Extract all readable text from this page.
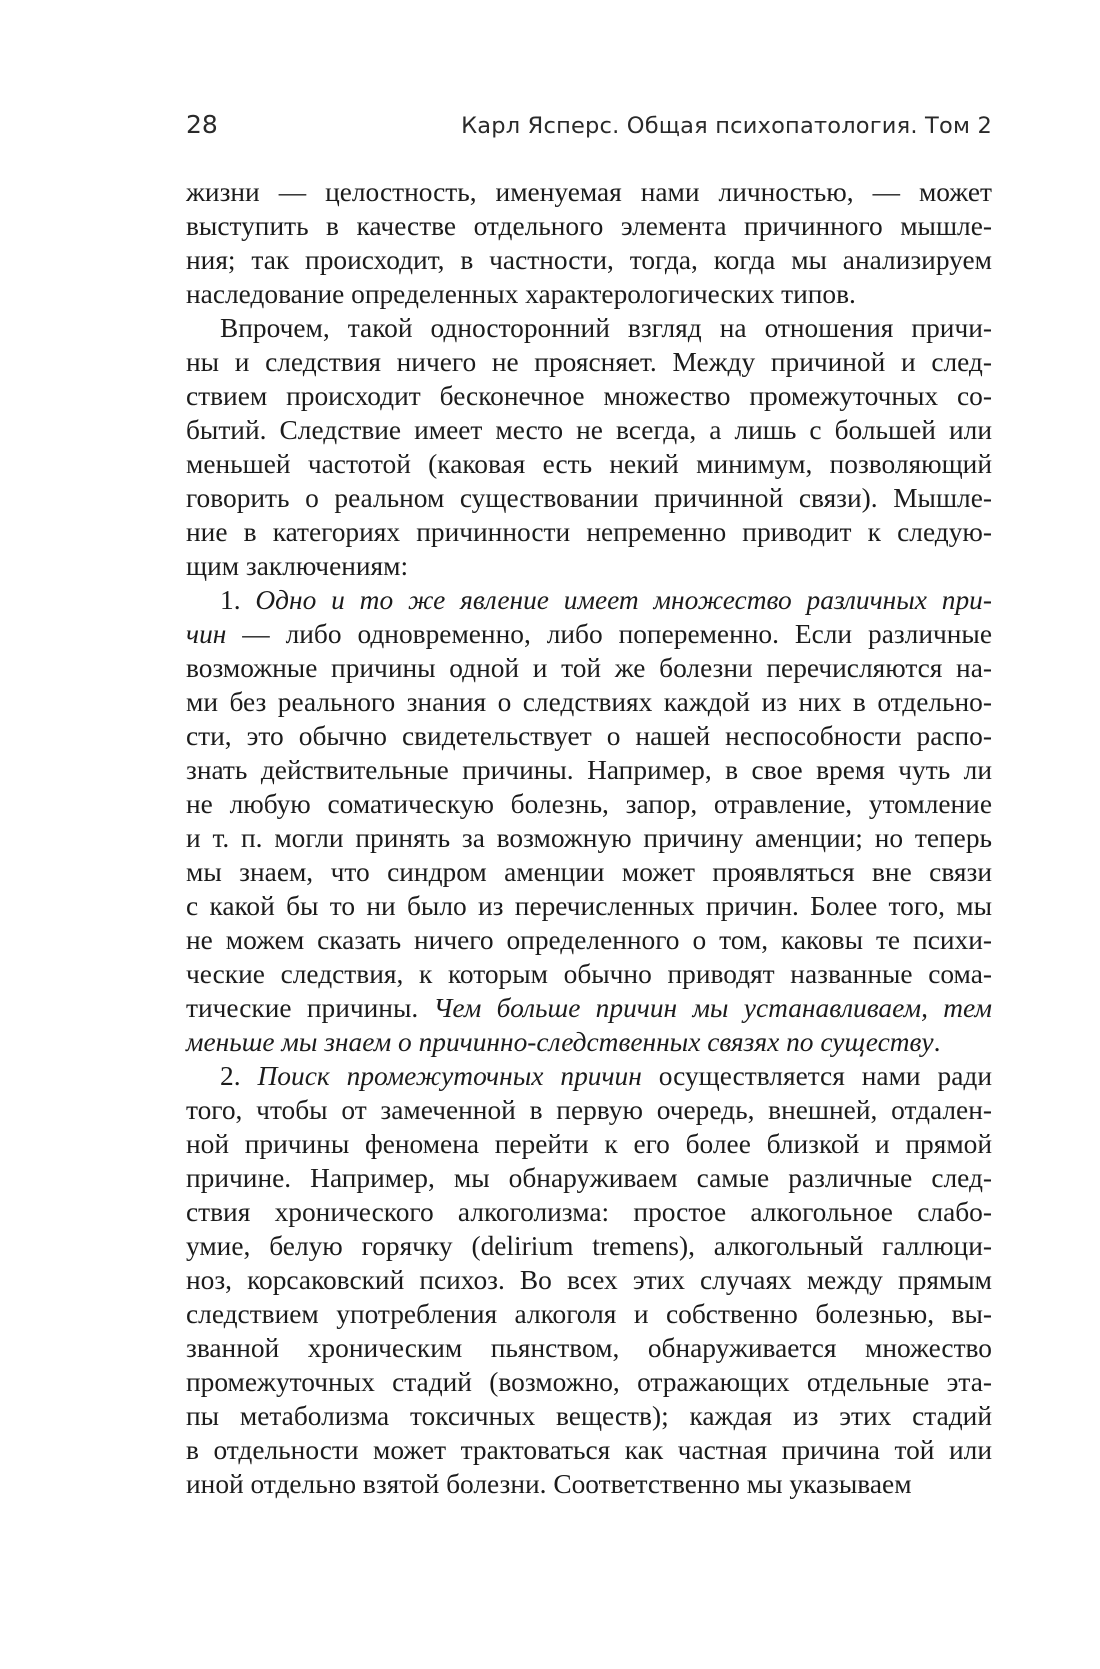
28	Карл Ясперс. Общая психопатология. Том 2
жизни — целостность, именуемая нами личностью, — может
выступить в качестве отдельного элемента причинного мышле-
ния; так происходит, в частности, тогда, когда мы анализируем
наследование определенных характерологических типов.
Впрочем, такой односторонний взгляд на отношения причи-
ны и следствия ничего не проясняет. Между причиной и след-
ствием происходит бесконечное множество промежуточных со-
бытий. Следствие имеет место не всегда, а лишь с большей или
меньшей частотой (каковая есть некий минимум, позволяющий
говорить о реальном существовании причинной связи). Мышле-
ние в категориях причинности непременно приводит к следую-
щим заключениям:
1. Одно и то же явление имеет множество различных при-
чин — либо одновременно, либо попеременно. Если различные
возможные причины одной и той же болезни перечисляются на-
ми без реального знания о следствиях каждой из них в отдельно-
сти, это обычно свидетельствует о нашей неспособности распо-
знать действительные причины. Например, в свое время чуть ли
не любую соматическую болезнь, запор, отравление, утомление
и т. п. могли принять за возможную причину аменции; но теперь
мы знаем, что синдром аменции может проявляться вне связи
с какой бы то ни было из перечисленных причин. Более того, мы
не можем сказать ничего определенного о том, каковы те психи-
ческие следствия, к которым обычно приводят названные сома-
тические причины. Чем больше причин мы устанавливаем, тем
меньше мы знаем о причинно-следственных связях по существу.
2. Поиск промежуточных причин осуществляется нами ради
того, чтобы от замеченной в первую очередь, внешней, отдален-
ной причины феномена перейти к его более близкой и прямой
причине. Например, мы обнаруживаем самые различные след-
ствия хронического алкоголизма: простое алкогольное слабо-
умие, белую горячку (delirium tremens), алкогольный галлюци-
ноз, корсаковский психоз. Во всех этих случаях между прямым
следствием употребления алкоголя и собственно болезнью, вы-
званной хроническим пьянством, обнаруживается множество
промежуточных стадий (возможно, отражающих отдельные эта-
пы метаболизма токсичных веществ); каждая из этих стадий
в отдельности может трактоваться как частная причина той или
иной отдельно взятой болезни. Соответственно мы указываем
